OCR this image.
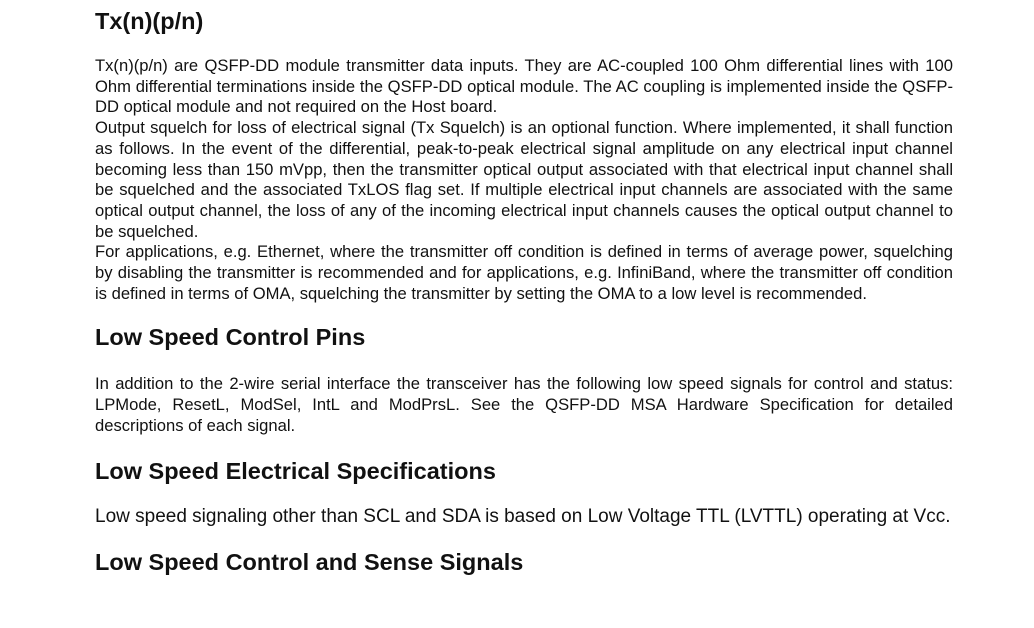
Tx(n)(p/n)

Tx(n)(p/n) are QSFP-DD module transmitter data inputs. They are AC-coupled 100 Ohm differential lines with 100 Ohm differential terminations inside the QSFP-DD optical module. The AC coupling is implemented inside the QSFP-DD optical module and not required on the Host board.

Output squelch for loss of electrical signal (Tx Squelch) is an optional function. Where implemented, it shall function as follows. In the event of the differential, peak-to-peak electrical signal amplitude on any electrical input channel becoming less than 150 mVpp, then the transmitter optical output associated with that electrical input channel shall be squelched and the associated TxLOS flag set. If multiple electrical input channels are associated with the same optical output channel, the loss of any of the incoming electrical input channels causes the optical output channel to be squelched.

For applications, e.g. Ethernet, where the transmitter off condition is defined in terms of average power, squelching by disabling the transmitter is recommended and for applications, e.g. InfiniBand, where the transmitter off condition is defined in terms of OMA, squelching the transmitter by setting the OMA to a low level is recommended.

Low Speed Control Pins

In addition to the 2-wire serial interface the transceiver has the following low speed signals for control and status: LPMode, ResetL, ModSel, IntL and ModPrsL. See the QSFP-DD MSA Hardware Specification for detailed descriptions of each signal.

Low Speed Electrical Specifications

Low speed signaling other than SCL and SDA is based on Low Voltage TTL (LVTTL) operating at Vcc.

Low Speed Control and Sense Signals
